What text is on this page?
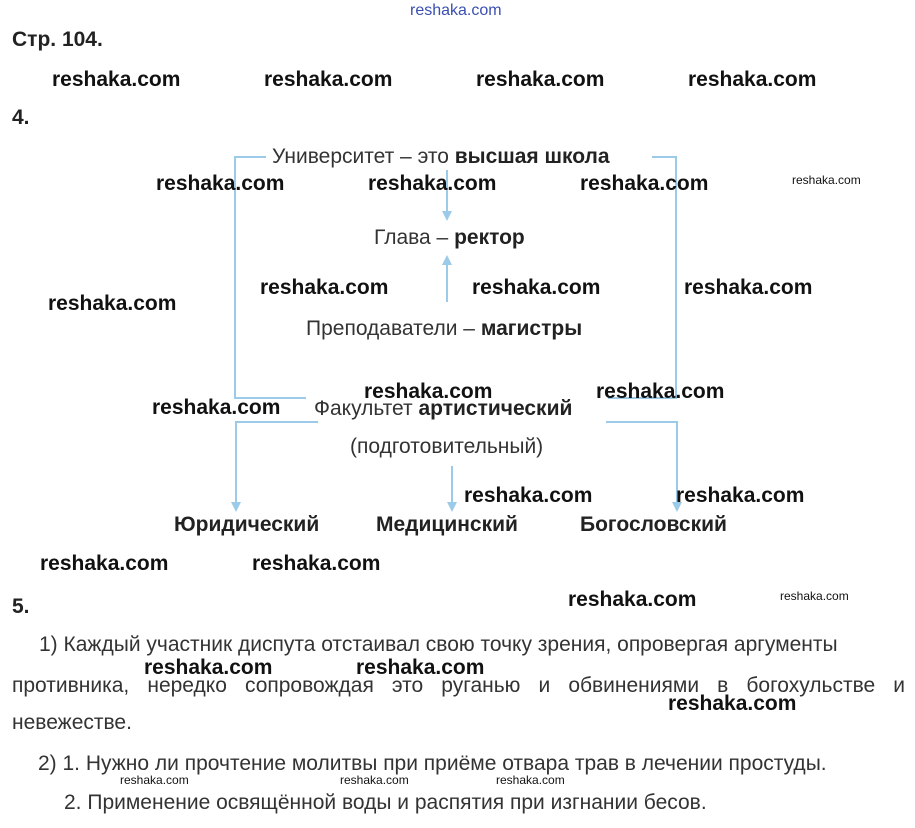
reshaka.com
Стр. 104.
4.
Университет – это высшая школа
Глава – ректор
Преподаватели – магистры
Факультет артистический
(подготовительный)
Юридический	Медицинский	Богословский
5.
1) Каждый участник диспута отстаивал свою точку зрения, опровергая аргументы
противника, нередко сопровождая это руганью и обвинениями в богохульстве и
невежестве.
2) 1. Нужно ли прочтение молитвы при приёме отвара трав в лечении простуды.
2. Применение освящённой воды и распятия при изгнании бесов.
reshaka.com	reshaka.com	reshaka.com	reshaka.com
reshaka.com	reshaka.com	reshaka.com
reshaka.com	reshaka.com	reshaka.com
reshaka.com
reshaka.com	reshaka.com
reshaka.com
reshaka.com	reshaka.com
reshaka.com	reshaka.com
reshaka.com
reshaka.com	reshaka.com
reshaka.com
reshaka.com
reshaka.com
reshaka.com	reshaka.com	reshaka.com
